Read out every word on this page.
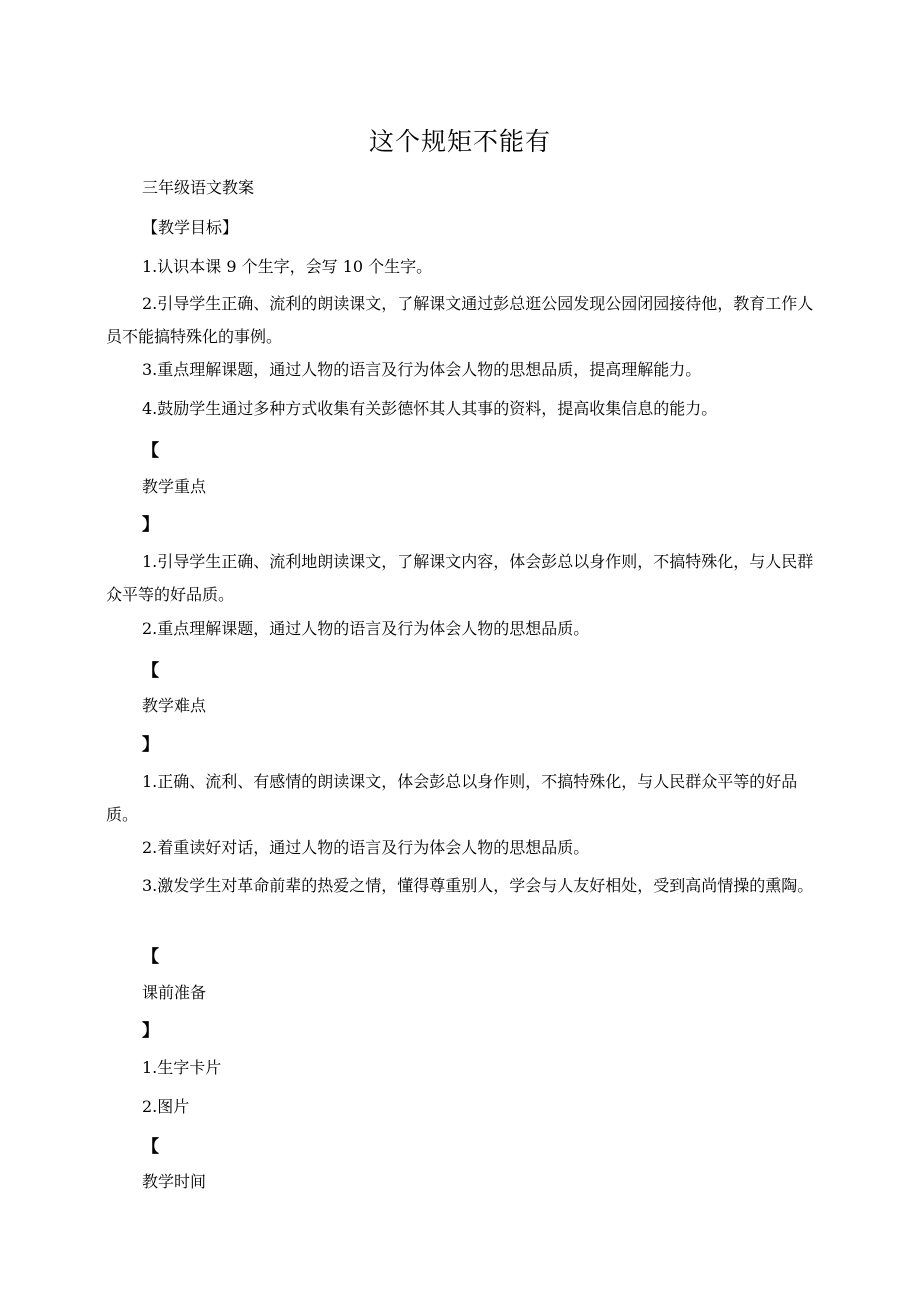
这个规矩不能有
三年级语文教案
【教学目标】
1.认识本课 9 个生字，会写 10 个生字。
2.引导学生正确、流利的朗读课文，了解课文通过彭总逛公园发现公园闭园接待他，教育工作人员不能搞特殊化的事例。
3.重点理解课题，通过人物的语言及行为体会人物的思想品质，提高理解能力。
4.鼓励学生通过多种方式收集有关彭德怀其人其事的资料，提高收集信息的能力。
【
教学重点
】
1.引导学生正确、流利地朗读课文，了解课文内容，体会彭总以身作则，不搞特殊化，与人民群众平等的好品质。
2.重点理解课题，通过人物的语言及行为体会人物的思想品质。
【
教学难点
】
1.正确、流利、有感情的朗读课文，体会彭总以身作则，不搞特殊化，与人民群众平等的好品质。
2.着重读好对话，通过人物的语言及行为体会人物的思想品质。
3.激发学生对革命前辈的热爱之情，懂得尊重别人，学会与人友好相处，受到高尚情操的熏陶。
【
课前准备
】
1.生字卡片
2.图片
【
教学时间
